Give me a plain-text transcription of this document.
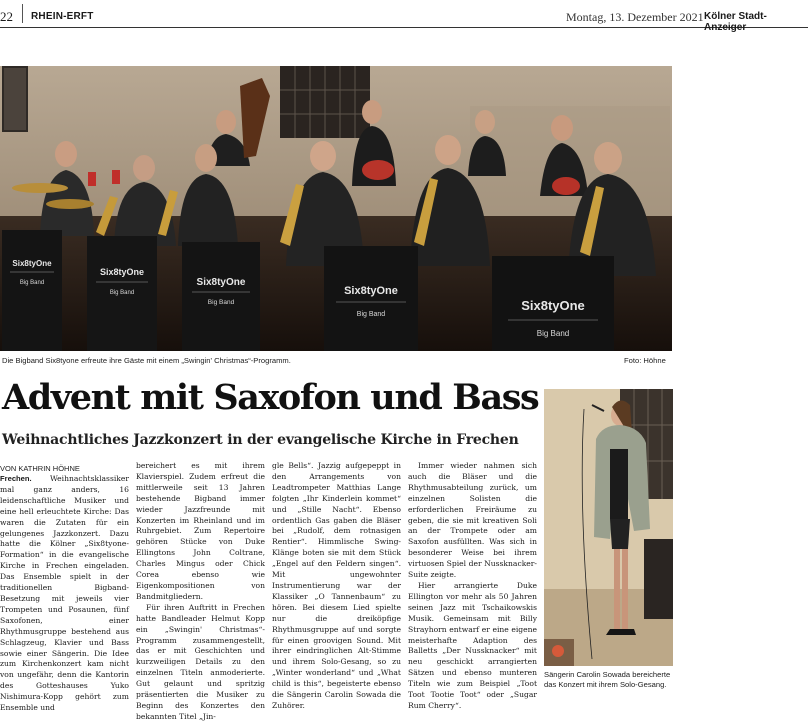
22 RHEIN-ERFT	Montag, 13. Dezember 2021 Kölner Stadt-Anzeiger
Six8tyOne
Big Band
Six8tyOne
Big Band
Six8tyOne
Big Band
Six8tyOne
Big Band
Six8tyOne
Big Band
Die Bigband Six8tyone erfreute ihre Gäste mit einem „Swingin' Christmas“-Programm.	Foto: Höhne
Advent mit Saxofon und Bass
Weihnachtliches Jazzkonzert in der evangelische Kirche in Frechen
VON KATHRIN HÖHNE

Frechen. Weihnachtsklassiker mal ganz anders, 16 leidenschaftliche Musiker und eine hell erleuchtete Kirche: Das waren die Zutaten für ein gelungenes Jazzkonzert. Dazu hatte die Kölner „Six8tyone-Formation“ in die evangelische Kirche in Frechen eingeladen. Das Ensemble spielt in der traditionellen Bigband-Besetzung mit jeweils vier Trompeten und Posaunen, fünf Saxofonen, einer Rhythmusgruppe bestehend aus Schlagzeug, Klavier und Bass sowie einer Sängerin. Die Idee zum Kirchenkonzert kam nicht von ungefähr, denn die Kantorin des Gotteshauses Yuko Nishimura-Kopp gehört zum Ensemble und

bereichert es mit ihrem Klavierspiel. Zudem erfreut die mittlerweile seit 13 Jahren bestehende Bigband immer wieder Jazzfreunde mit Konzerten im Rheinland und im Ruhrgebiet. Zum Repertoire gehören Stücke von Duke Ellingtons John Coltrane, Charles Mingus oder Chick Corea ebenso wie Eigenkompositionen von Bandmitgliedern.

Für ihren Auftritt in Frechen hatte Bandleader Helmut Kopp ein „Swingin' Christmas“-Programm zusammengestellt, das er mit Geschichten und kurzweiligen Details zu den einzelnen Titeln anmoderierte. Gut gelaunt und spritzig präsentierten die Musiker zu Beginn des Konzertes den bekannten Titel „Jin-

gle Bells“. Jazzig aufgepeppt in den Arrangements von Leadtrompeter Matthias Lange folgten „Ihr Kinderlein kommet“ und „Stille Nacht“. Ebenso ordentlich Gas gaben die Bläser bei „Rudolf, dem rotnasigen Rentier“. Himmlische Swing-Klänge boten sie mit dem Stück „Engel auf den Feldern singen“. Mit ungewohnter Instrumentierung war der Klassiker „O Tannenbaum“ zu hören. Bei diesem Lied spielte nur die dreiköpfige Rhythmusgruppe auf und sorgte für einen groovigen Sound. Mit ihrer eindringlichen Alt-Stimme und ihrem Solo-Gesang, so zu „Winter wonderland“ und „What child is this“, begeisterte ebenso die Sängerin Carolin Sowada die Zuhörer.

Immer wieder nahmen sich auch die Bläser und die Rhythmusabteilung zurück, um einzelnen Solisten die erforderlichen Freiräume zu geben, die sie mit kreativen Soli an der Trompete oder am Saxofon ausfüllten. Was sich in besonderer Weise bei ihrem virtuosen Spiel der Nussknacker-Suite zeigte.

Hier arrangierte Duke Ellington vor mehr als 50 Jahren seinen Jazz mit Tschaikowskis Musik. Gemeinsam mit Billy Strayhorn entwarf er eine eigene meisterhafte Adaption des Balletts „Der Nussknacker“ mit neu geschickt arrangierten Sätzen und ebenso munteren Titeln wie zum Beispiel „Toot Toot Tootie Toot“ oder „Sugar Rum Cherry“.

Sängerin Carolin Sowada bereicherte das Konzert mit ihrem Solo-Gesang.
